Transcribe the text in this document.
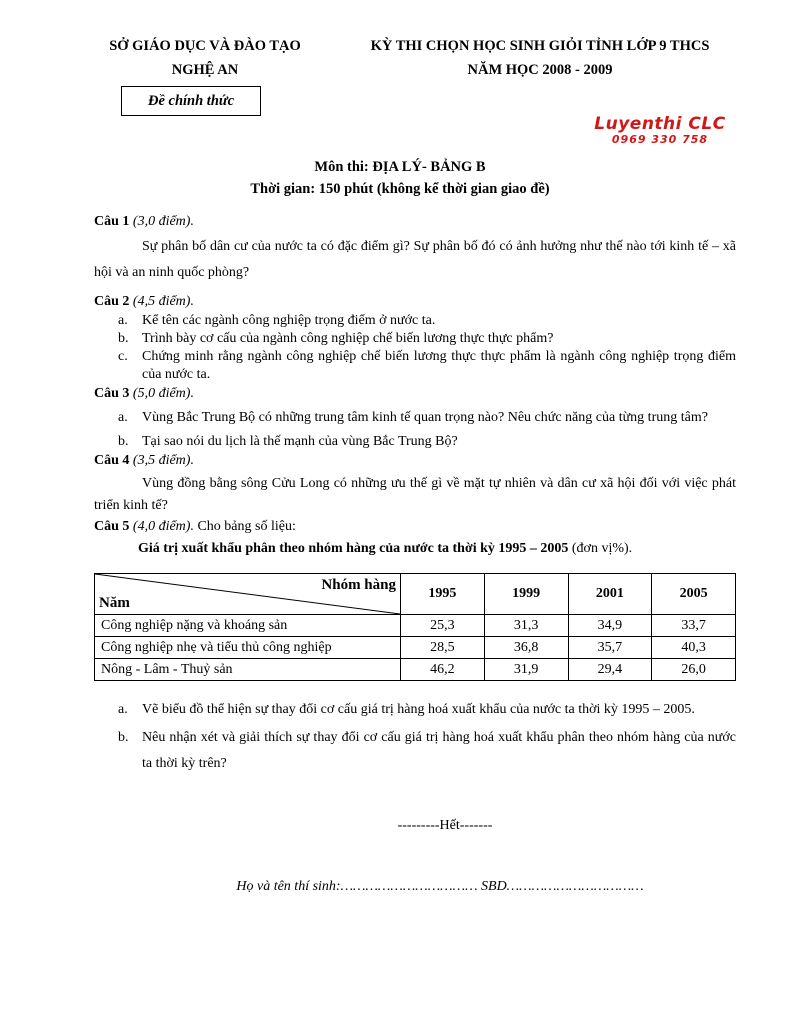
SỞ GIÁO DỤC VÀ ĐÀO TẠO
NGHỆ AN
KỲ THI CHỌN HỌC SINH GIỎI TỈNH LỚP 9 THCS
NĂM HỌC 2008 - 2009
Đề chính thức
Luyenthi CLC
0969 330 758
Môn thi: ĐỊA LÝ- BẢNG B
Thời gian: 150 phút (không kể thời gian giao đề)
Câu 1 (3,0 điểm).
Sự phân bố dân cư của nước ta có đặc điểm gì? Sự phân bố đó có ảnh hưởng như thế nào tới kinh tế – xã hội và an ninh quốc phòng?
Câu 2 (4,5 điểm).
a. Kể tên các ngành công nghiệp trọng điểm ở nước ta.
b. Trình bày cơ cấu của ngành công nghiệp chế biến lương thực thực phẩm?
c. Chứng minh rằng ngành công nghiệp chế biến lương thực thực phẩm là ngành công nghiệp trọng điểm của nước ta.
Câu 3 (5,0 điểm).
a. Vùng Bắc Trung Bộ có những trung tâm kinh tế quan trọng nào? Nêu chức năng của từng trung tâm?
b. Tại sao nói du lịch là thế mạnh của vùng Bắc Trung Bộ?
Câu 4 (3,5 điểm).
Vùng đồng bằng sông Cửu Long có những ưu thế gì về mặt tự nhiên và dân cư xã hội đối với việc phát triển kinh tế?
Câu 5 (4,0 điểm). Cho bảng số liệu:
Giá trị xuất khẩu phân theo nhóm hàng của nước ta thời kỳ 1995 – 2005 (đơn vị%).
Nhóm hàng
Năm	1995	1999	2001	2005
Công nghiệp nặng và khoáng sản	25,3	31,3	34,9	33,7
Công nghiệp nhẹ và tiểu thủ công nghiệp	28,5	36,8	35,7	40,3
Nông - Lâm - Thuỷ sản	46,2	31,9	29,4	26,0
a. Vẽ biểu đồ thể hiện sự thay đổi cơ cấu giá trị hàng hoá xuất khẩu của nước ta thời kỳ 1995 – 2005.
b. Nêu nhận xét và giải thích sự thay đổi cơ cấu giá trị hàng hoá xuất khẩu phân theo nhóm hàng của nước ta thời kỳ trên?
---------Hết-------
Họ và tên thí sinh:…………………………… SBD……………………………
